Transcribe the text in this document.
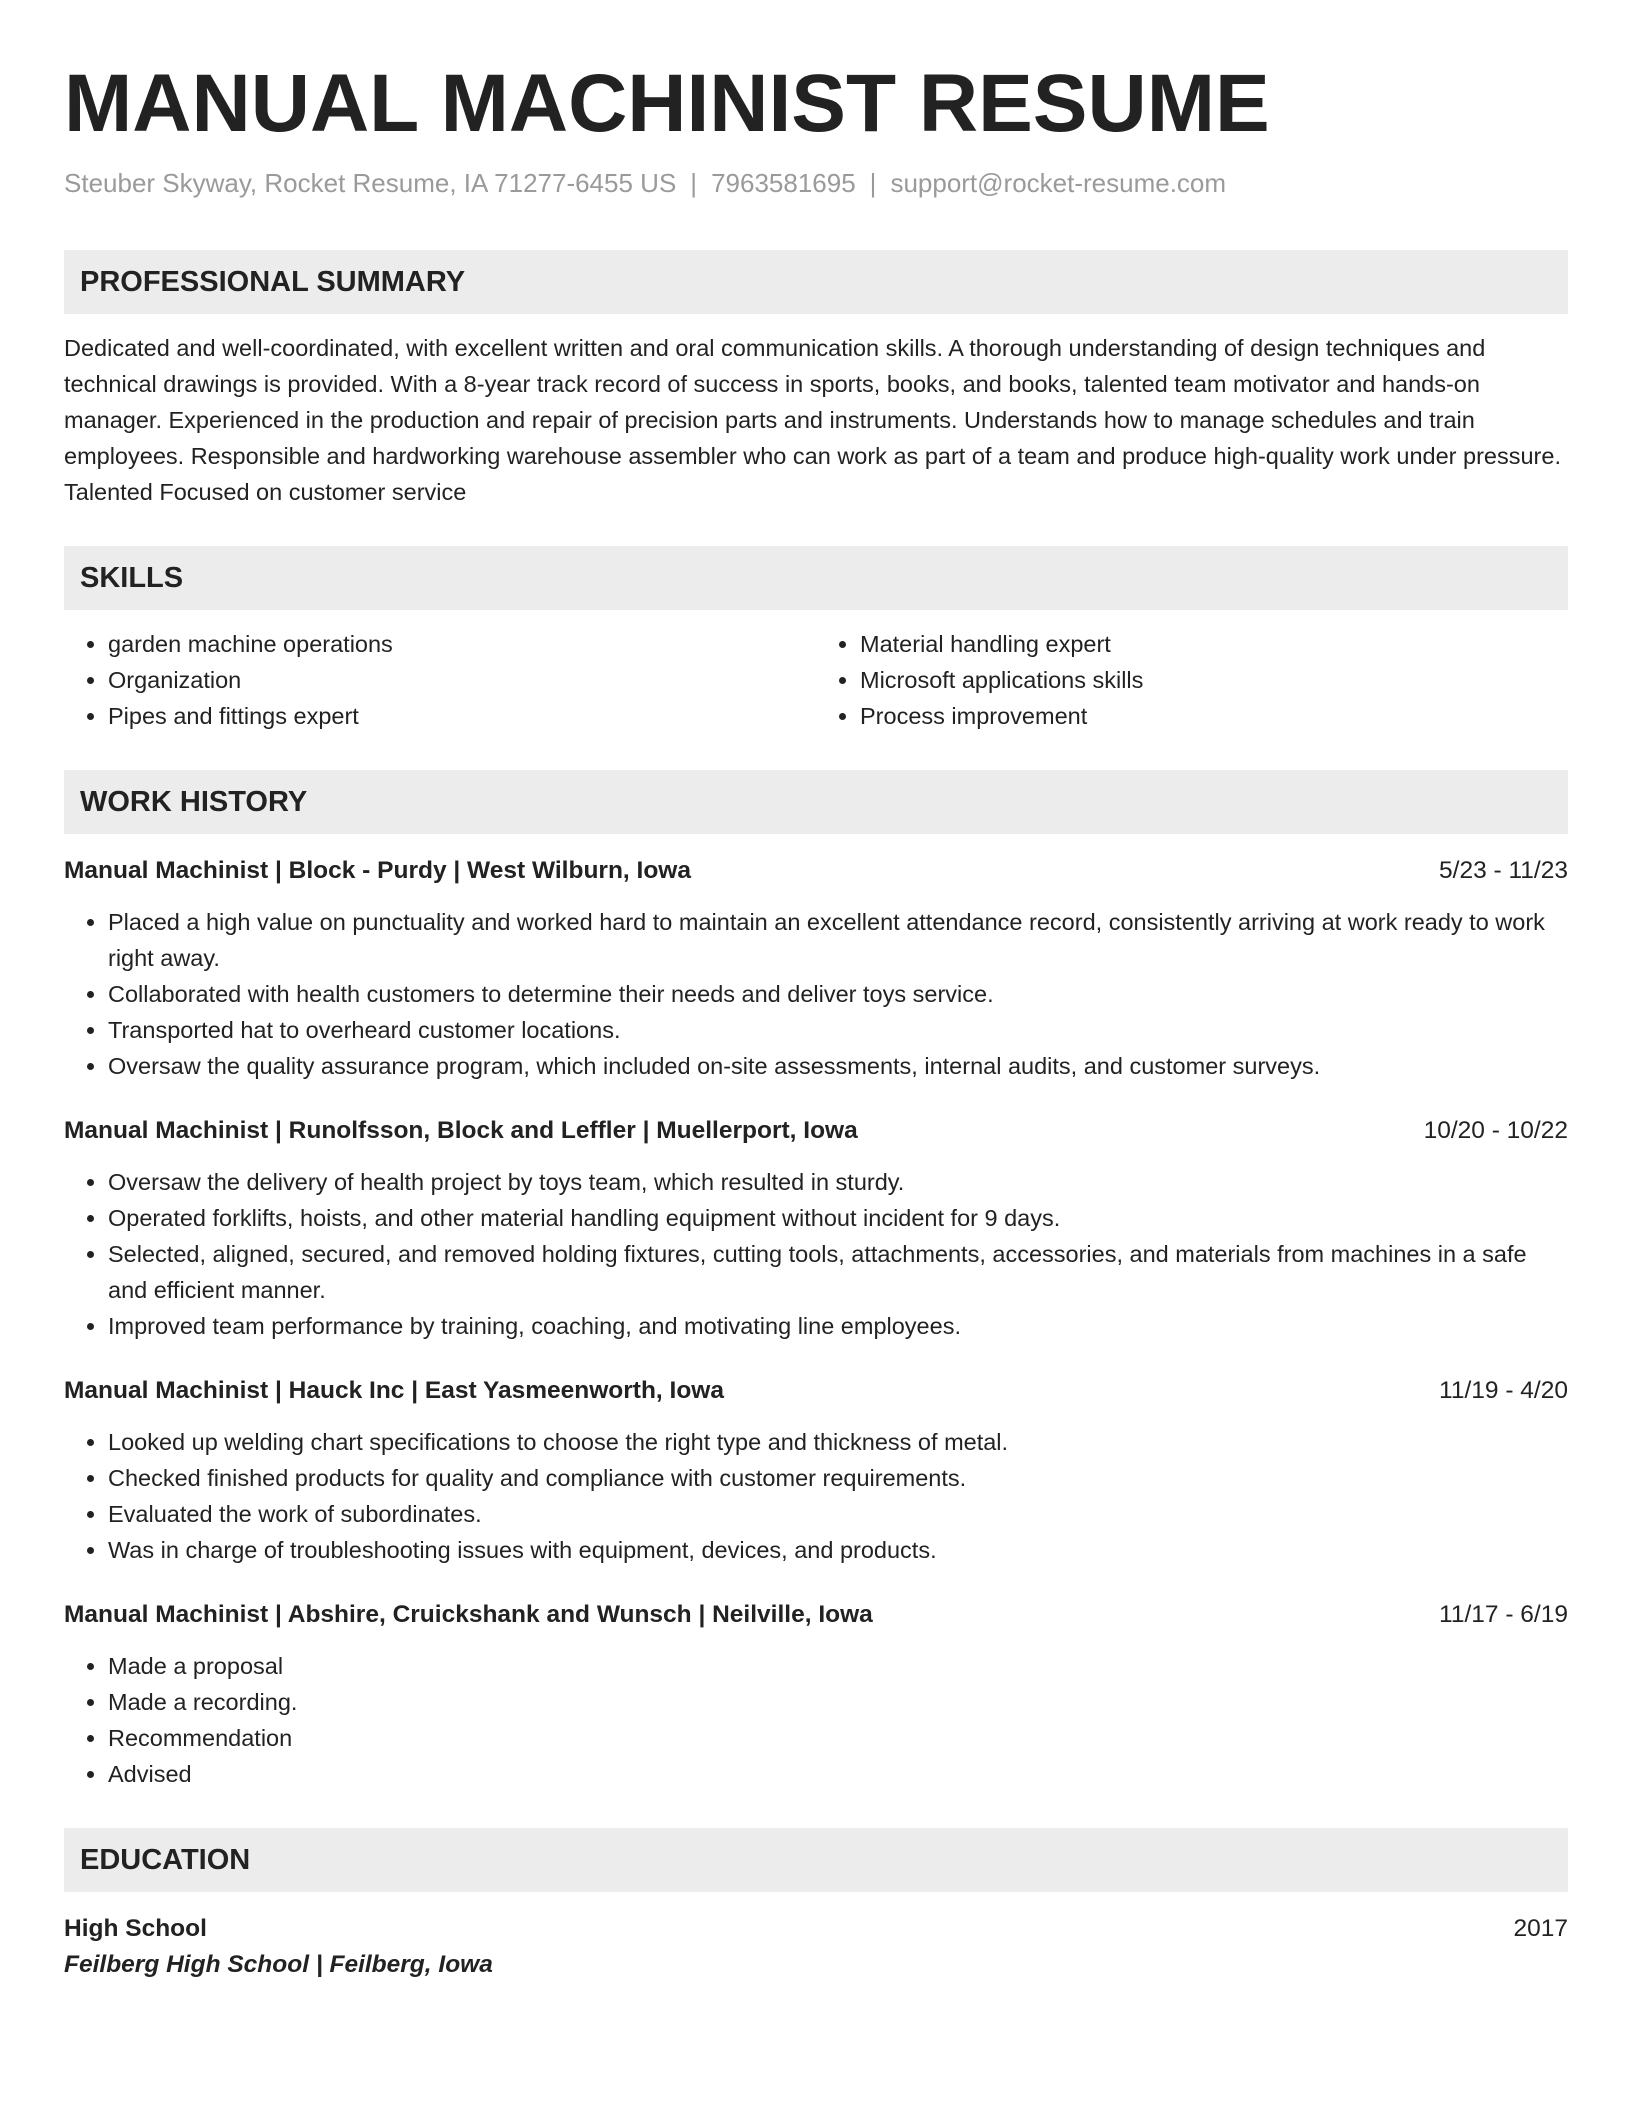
MANUAL MACHINIST RESUME
Steuber Skyway, Rocket Resume, IA 71277-6455 US | 7963581695 | support@rocket-resume.com
PROFESSIONAL SUMMARY
Dedicated and well-coordinated, with excellent written and oral communication skills. A thorough understanding of design techniques and technical drawings is provided. With a 8-year track record of success in sports, books, and books, talented team motivator and hands-on manager. Experienced in the production and repair of precision parts and instruments. Understands how to manage schedules and train employees. Responsible and hardworking warehouse assembler who can work as part of a team and produce high-quality work under pressure. Talented Focused on customer service
SKILLS
• garden machine operations
• Organization
• Pipes and fittings expert
• Material handling expert
• Microsoft applications skills
• Process improvement
WORK HISTORY
Manual Machinist | Block - Purdy | West Wilburn, Iowa	5/23 - 11/23
• Placed a high value on punctuality and worked hard to maintain an excellent attendance record, consistently arriving at work ready to work right away.
• Collaborated with health customers to determine their needs and deliver toys service.
• Transported hat to overheard customer locations.
• Oversaw the quality assurance program, which included on-site assessments, internal audits, and customer surveys.
Manual Machinist | Runolfsson, Block and Leffler | Muellerport, Iowa	10/20 - 10/22
• Oversaw the delivery of health project by toys team, which resulted in sturdy.
• Operated forklifts, hoists, and other material handling equipment without incident for 9 days.
• Selected, aligned, secured, and removed holding fixtures, cutting tools, attachments, accessories, and materials from machines in a safe and efficient manner.
• Improved team performance by training, coaching, and motivating line employees.
Manual Machinist | Hauck Inc | East Yasmeenworth, Iowa	11/19 - 4/20
• Looked up welding chart specifications to choose the right type and thickness of metal.
• Checked finished products for quality and compliance with customer requirements.
• Evaluated the work of subordinates.
• Was in charge of troubleshooting issues with equipment, devices, and products.
Manual Machinist | Abshire, Cruickshank and Wunsch | Neilville, Iowa	11/17 - 6/19
• Made a proposal
• Made a recording.
• Recommendation
• Advised
EDUCATION
High School	2017
Feilberg High School | Feilberg, Iowa
